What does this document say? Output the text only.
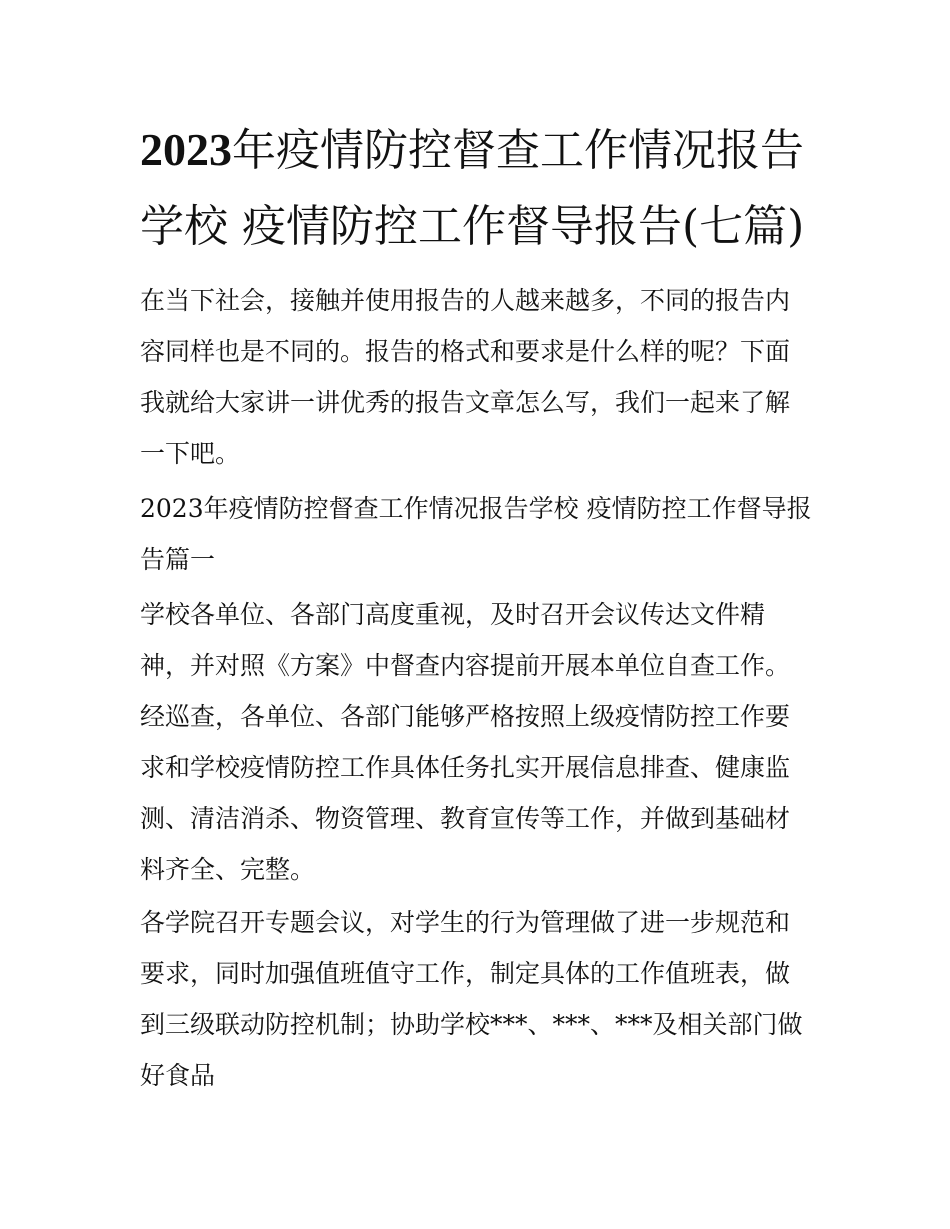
2023年疫情防控督查工作情况报告学校 疫情防控工作督导报告(七篇)

在当下社会，接触并使用报告的人越来越多，不同的报告内容同样也是不同的。报告的格式和要求是什么样的呢？下面我就给大家讲一讲优秀的报告文章怎么写，我们一起来了解一下吧。

2023年疫情防控督查工作情况报告学校 疫情防控工作督导报告篇一

学校各单位、各部门高度重视，及时召开会议传达文件精神，并对照《方案》中督查内容提前开展本单位自查工作。经巡查，各单位、各部门能够严格按照上级疫情防控工作要求和学校疫情防控工作具体任务扎实开展信息排查、健康监测、清洁消杀、物资管理、教育宣传等工作，并做到基础材料齐全、完整。

各学院召开专题会议，对学生的行为管理做了进一步规范和要求，同时加强值班值守工作，制定具体的工作值班表，做到三级联动防控机制；协助学校***、***、***及相关部门做好食品
